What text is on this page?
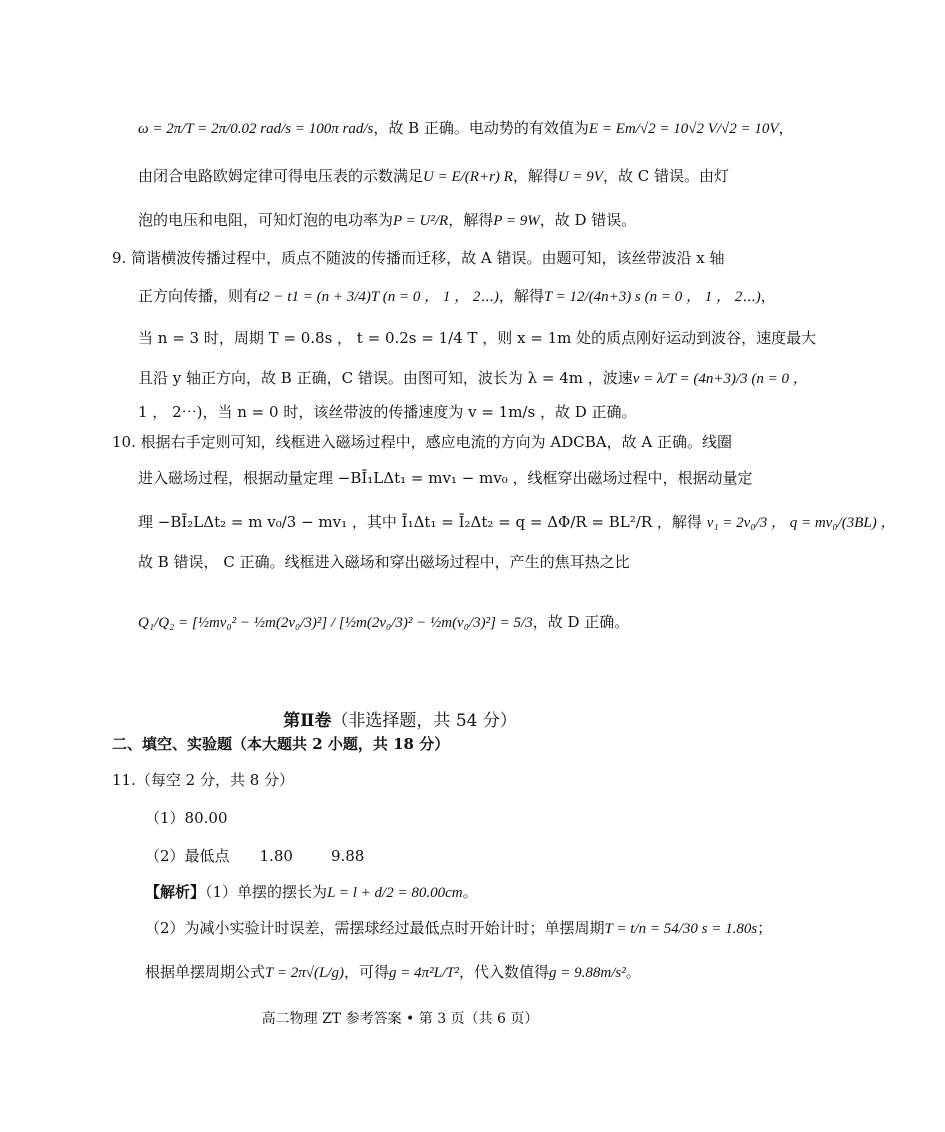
ω = 2π/T = 2π/0.02 rad/s = 100π rad/s，故 B 正确。电动势的有效值为E = Em/√2 = 10√2 V/√2 = 10V，
由闭合电路欧姆定律可得电压表的示数满足U = E/(R+r) R，解得U = 9V，故 C 错误。由灯
泡的电压和电阻，可知灯泡的电功率为P = U²/R，解得P = 9W，故 D 错误。
9. 简谐横波传播过程中，质点不随波的传播而迁移，故 A 错误。由题可知，该丝带波沿 x 轴
正方向传播，则有t2 − t1 = (n + 3/4)T (n = 0 ， 1 ， 2⋯)，解得T = 12/(4n+3) s (n = 0 ， 1 ， 2⋯)，
当 n = 3 时，周期 T = 0.8s ， t = 0.2s = 1/4 T ，则 x = 1m 处的质点刚好运动到波谷，速度最大
且沿 y 轴正方向，故 B 正确，C 错误。由图可知，波长为 λ = 4m ，波速v = λ/T = (4n+3)/3 (n = 0 ，
1 ， 2⋯)，当 n = 0 时，该丝带波的传播速度为 v = 1m/s ，故 D 正确。
10. 根据右手定则可知，线框进入磁场过程中，感应电流的方向为 ADCBA，故 A 正确。线圈
进入磁场过程，根据动量定理 −BĪ₁LΔt₁ = mv₁ − mv₀ ，线框穿出磁场过程中，根据动量定
理 −BĪ₂LΔt₂ = m v₀/3 − mv₁ ，其中 Ī₁Δt₁ = Ī₂Δt₂ = q = ΔΦ/R = BL²/R ，解得 v₁ = 2v₀/3 ， q = mv₀/(3BL) ，
故 B 错误， C 正确。线框进入磁场和穿出磁场过程中，产生的焦耳热之比
Q₁/Q₂ = [½mv₀² − ½m(2v₀/3)²] / [½m(2v₀/3)² − ½m(v₀/3)²] = 5/3，故 D 正确。
第Ⅱ卷（非选择题，共 54 分）
二、填空、实验题（本大题共 2 小题，共 18 分）
11.（每空 2 分，共 8 分）
（1）80.00
（2）最低点 1.80	9.88
【解析】（1）单摆的摆长为L = l + d/2 = 80.00cm。
（2）为减小实验计时误差，需摆球经过最低点时开始计时；单摆周期T = t/n = 54/30 s = 1.80s；
根据单摆周期公式T = 2π√(L/g)，可得g = 4π²L/T²，代入数值得g = 9.88m/s²。
高二物理 ZT 参考答案 • 第 3 页（共 6 页）
